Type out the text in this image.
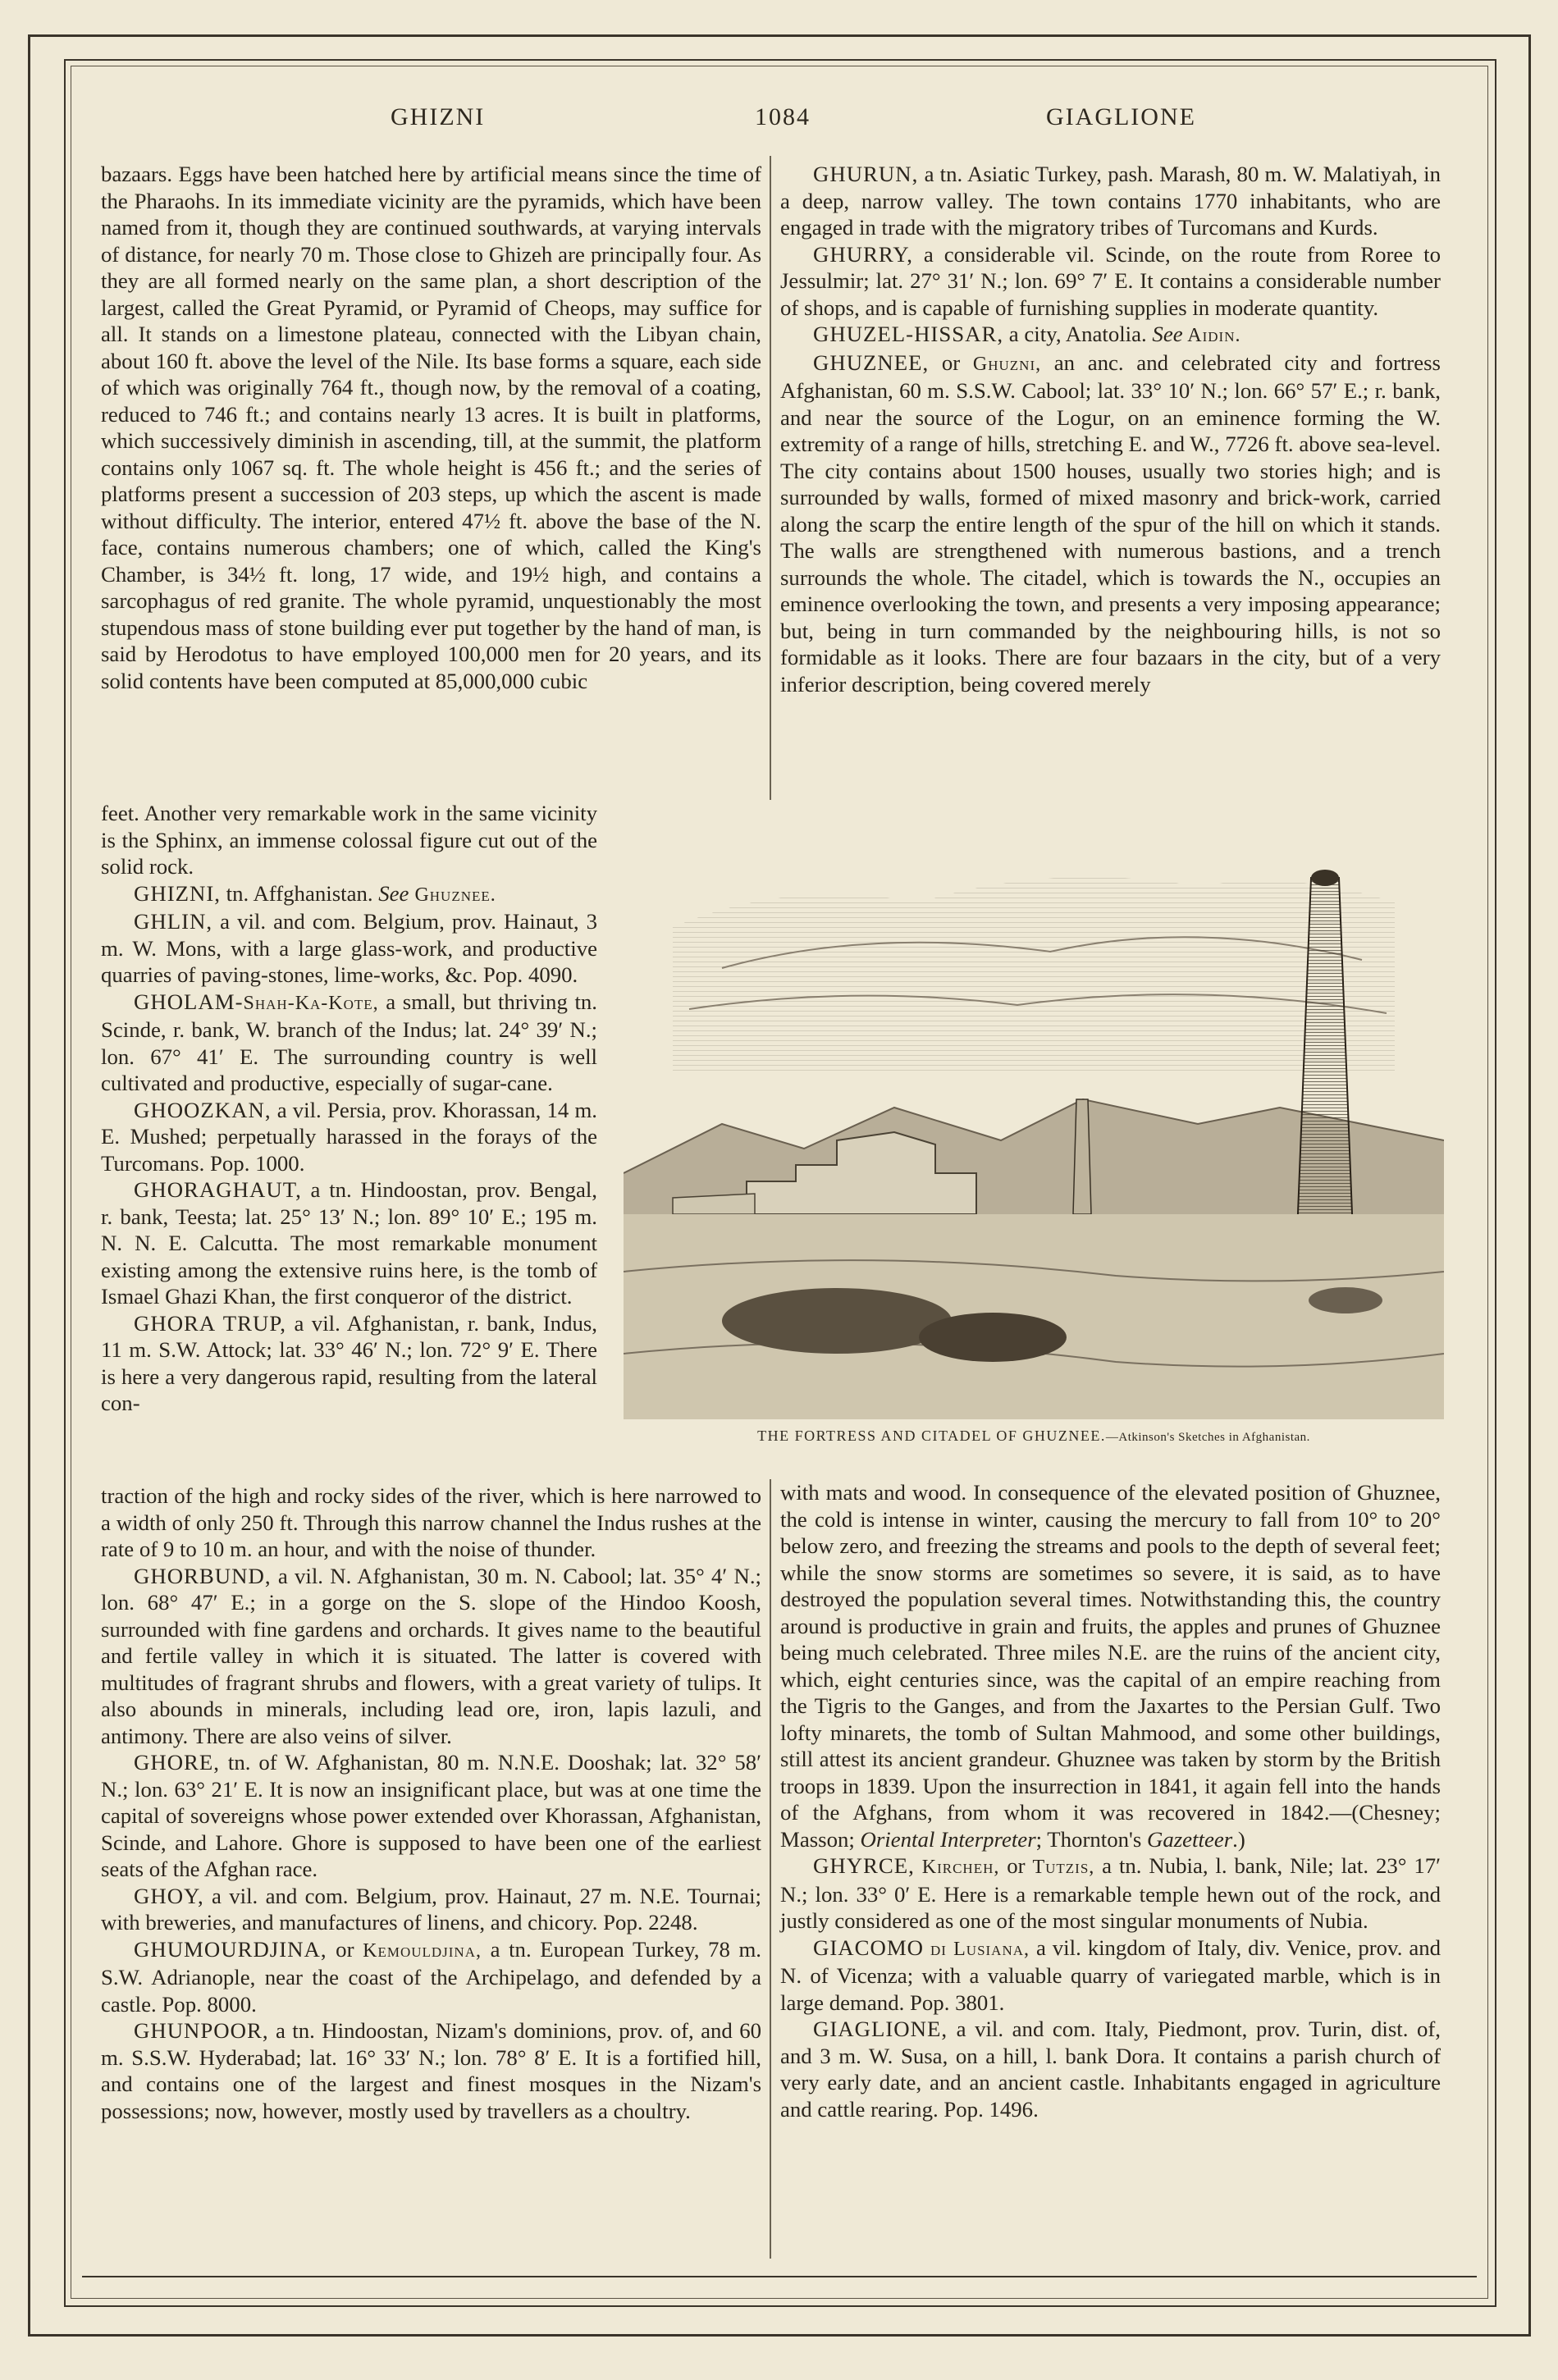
GHIZNI	1084	GIAGLIONE

bazaars. Eggs have been hatched here by artificial means since the time of the Pharaohs. In its immediate vicinity are the pyramids, which have been named from it, though they are continued southwards, at varying intervals of distance, for nearly 70 m. Those close to Ghizeh are principally four. As they are all formed nearly on the same plan, a short description of the largest, called the Great Pyramid, or Pyramid of Cheops, may suffice for all. It stands on a limestone plateau, connected with the Libyan chain, about 160 ft. above the level of the Nile. Its base forms a square, each side of which was originally 764 ft., though now, by the removal of a coating, reduced to 746 ft.; and contains nearly 13 acres. It is built in platforms, which successively diminish in ascending, till, at the summit, the platform contains only 1067 sq. ft. The whole height is 456 ft.; and the series of platforms present a succession of 203 steps, up which the ascent is made without difficulty. The interior, entered 47½ ft. above the base of the N. face, contains numerous chambers; one of which, called the King's Chamber, is 34½ ft. long, 17 wide, and 19½ high, and contains a sarcophagus of red granite. The whole pyramid, unquestionably the most stupendous mass of stone building ever put together by the hand of man, is said by Herodotus to have employed 100,000 men for 20 years, and its solid contents have been computed at 85,000,000 cubic

feet. Another very remarkable work in the same vicinity is the Sphinx, an immense colossal figure cut out of the solid rock.

GHIZNI, tn. Affghanistan. See Ghuznee.

GHLIN, a vil. and com. Belgium, prov. Hainaut, 3 m. W. Mons, with a large glass-work, and productive quarries of paving-stones, lime-works, &c. Pop. 4090.

GHOLAM-Shah-Ka-Kote, a small, but thriving tn. Scinde, r. bank, W. branch of the Indus; lat. 24° 39′ N.; lon. 67° 41′ E. The surrounding country is well cultivated and productive, especially of sugar-cane.

GHOOZKAN, a vil. Persia, prov. Khorassan, 14 m. E. Mushed; perpetually harassed in the forays of the Turcomans. Pop. 1000.

GHORAGHAUT, a tn. Hindoostan, prov. Bengal, r. bank, Teesta; lat. 25° 13′ N.; lon. 89° 10′ E.; 195 m. N. N. E. Calcutta. The most remarkable monument existing among the extensive ruins here, is the tomb of Ismael Ghazi Khan, the first conqueror of the district.

GHORA TRUP, a vil. Afghanistan, r. bank, Indus, 11 m. S.W. Attock; lat. 33° 46′ N.; lon. 72° 9′ E. There is here a very dangerous rapid, resulting from the lateral con-

THE FORTRESS AND CITADEL OF GHUZNEE.—Atkinson's Sketches in Afghanistan.

traction of the high and rocky sides of the river, which is here narrowed to a width of only 250 ft. Through this narrow channel the Indus rushes at the rate of 9 to 10 m. an hour, and with the noise of thunder.

GHORBUND, a vil. N. Afghanistan, 30 m. N. Cabool; lat. 35° 4′ N.; lon. 68° 47′ E.; in a gorge on the S. slope of the Hindoo Koosh, surrounded with fine gardens and orchards. It gives name to the beautiful and fertile valley in which it is situated. The latter is covered with multitudes of fragrant shrubs and flowers, with a great variety of tulips. It also abounds in minerals, including lead ore, iron, lapis lazuli, and antimony. There are also veins of silver.

GHORE, tn. of W. Afghanistan, 80 m. N.N.E. Dooshak; lat. 32° 58′ N.; lon. 63° 21′ E. It is now an insignificant place, but was at one time the capital of sovereigns whose power extended over Khorassan, Afghanistan, Scinde, and Lahore. Ghore is supposed to have been one of the earliest seats of the Afghan race.

GHOY, a vil. and com. Belgium, prov. Hainaut, 27 m. N.E. Tournai; with breweries, and manufactures of linens, and chicory. Pop. 2248.

GHUMOURDJINA, or Kemouldjina, a tn. European Turkey, 78 m. S.W. Adrianople, near the coast of the Archipelago, and defended by a castle. Pop. 8000.

GHUNPOOR, a tn. Hindoostan, Nizam's dominions, prov. of, and 60 m. S.S.W. Hyderabad; lat. 16° 33′ N.; lon. 78° 8′ E. It is a fortified hill, and contains one of the largest and finest mosques in the Nizam's possessions; now, however, mostly used by travellers as a choultry.

GHURUN, a tn. Asiatic Turkey, pash. Marash, 80 m. W. Malatiyah, in a deep, narrow valley. The town contains 1770 inhabitants, who are engaged in trade with the migratory tribes of Turcomans and Kurds.

GHURRY, a considerable vil. Scinde, on the route from Roree to Jessulmir; lat. 27° 31′ N.; lon. 69° 7′ E. It contains a considerable number of shops, and is capable of furnishing supplies in moderate quantity.

GHUZEL-HISSAR, a city, Anatolia. See Aidin.

GHUZNEE, or Ghuzni, an anc. and celebrated city and fortress Afghanistan, 60 m. S.S.W. Cabool; lat. 33° 10′ N.; lon. 66° 57′ E.; r. bank, and near the source of the Logur, on an eminence forming the W. extremity of a range of hills, stretching E. and W., 7726 ft. above sea-level. The city contains about 1500 houses, usually two stories high; and is surrounded by walls, formed of mixed masonry and brick-work, carried along the scarp the entire length of the spur of the hill on which it stands. The walls are strengthened with numerous bastions, and a trench surrounds the whole. The citadel, which is towards the N., occupies an eminence overlooking the town, and presents a very imposing appearance; but, being in turn commanded by the neighbouring hills, is not so formidable as it looks. There are four bazaars in the city, but of a very inferior description, being covered merely

with mats and wood. In consequence of the elevated position of Ghuznee, the cold is intense in winter, causing the mercury to fall from 10° to 20° below zero, and freezing the streams and pools to the depth of several feet; while the snow storms are sometimes so severe, it is said, as to have destroyed the population several times. Notwithstanding this, the country around is productive in grain and fruits, the apples and prunes of Ghuznee being much celebrated. Three miles N.E. are the ruins of the ancient city, which, eight centuries since, was the capital of an empire reaching from the Tigris to the Ganges, and from the Jaxartes to the Persian Gulf. Two lofty minarets, the tomb of Sultan Mahmood, and some other buildings, still attest its ancient grandeur. Ghuznee was taken by storm by the British troops in 1839. Upon the insurrection in 1841, it again fell into the hands of the Afghans, from whom it was recovered in 1842.—(Chesney; Masson; Oriental Interpreter; Thornton's Gazetteer.)

GHYRCE, Kircheh, or Tutzis, a tn. Nubia, l. bank, Nile; lat. 23° 17′ N.; lon. 33° 0′ E. Here is a remarkable temple hewn out of the rock, and justly considered as one of the most singular monuments of Nubia.

GIACOMO di Lusiana, a vil. kingdom of Italy, div. Venice, prov. and N. of Vicenza; with a valuable quarry of variegated marble, which is in large demand. Pop. 3801.

GIAGLIONE, a vil. and com. Italy, Piedmont, prov. Turin, dist. of, and 3 m. W. Susa, on a hill, l. bank Dora. It contains a parish church of very early date, and an ancient castle. Inhabitants engaged in agriculture and cattle rearing. Pop. 1496.
